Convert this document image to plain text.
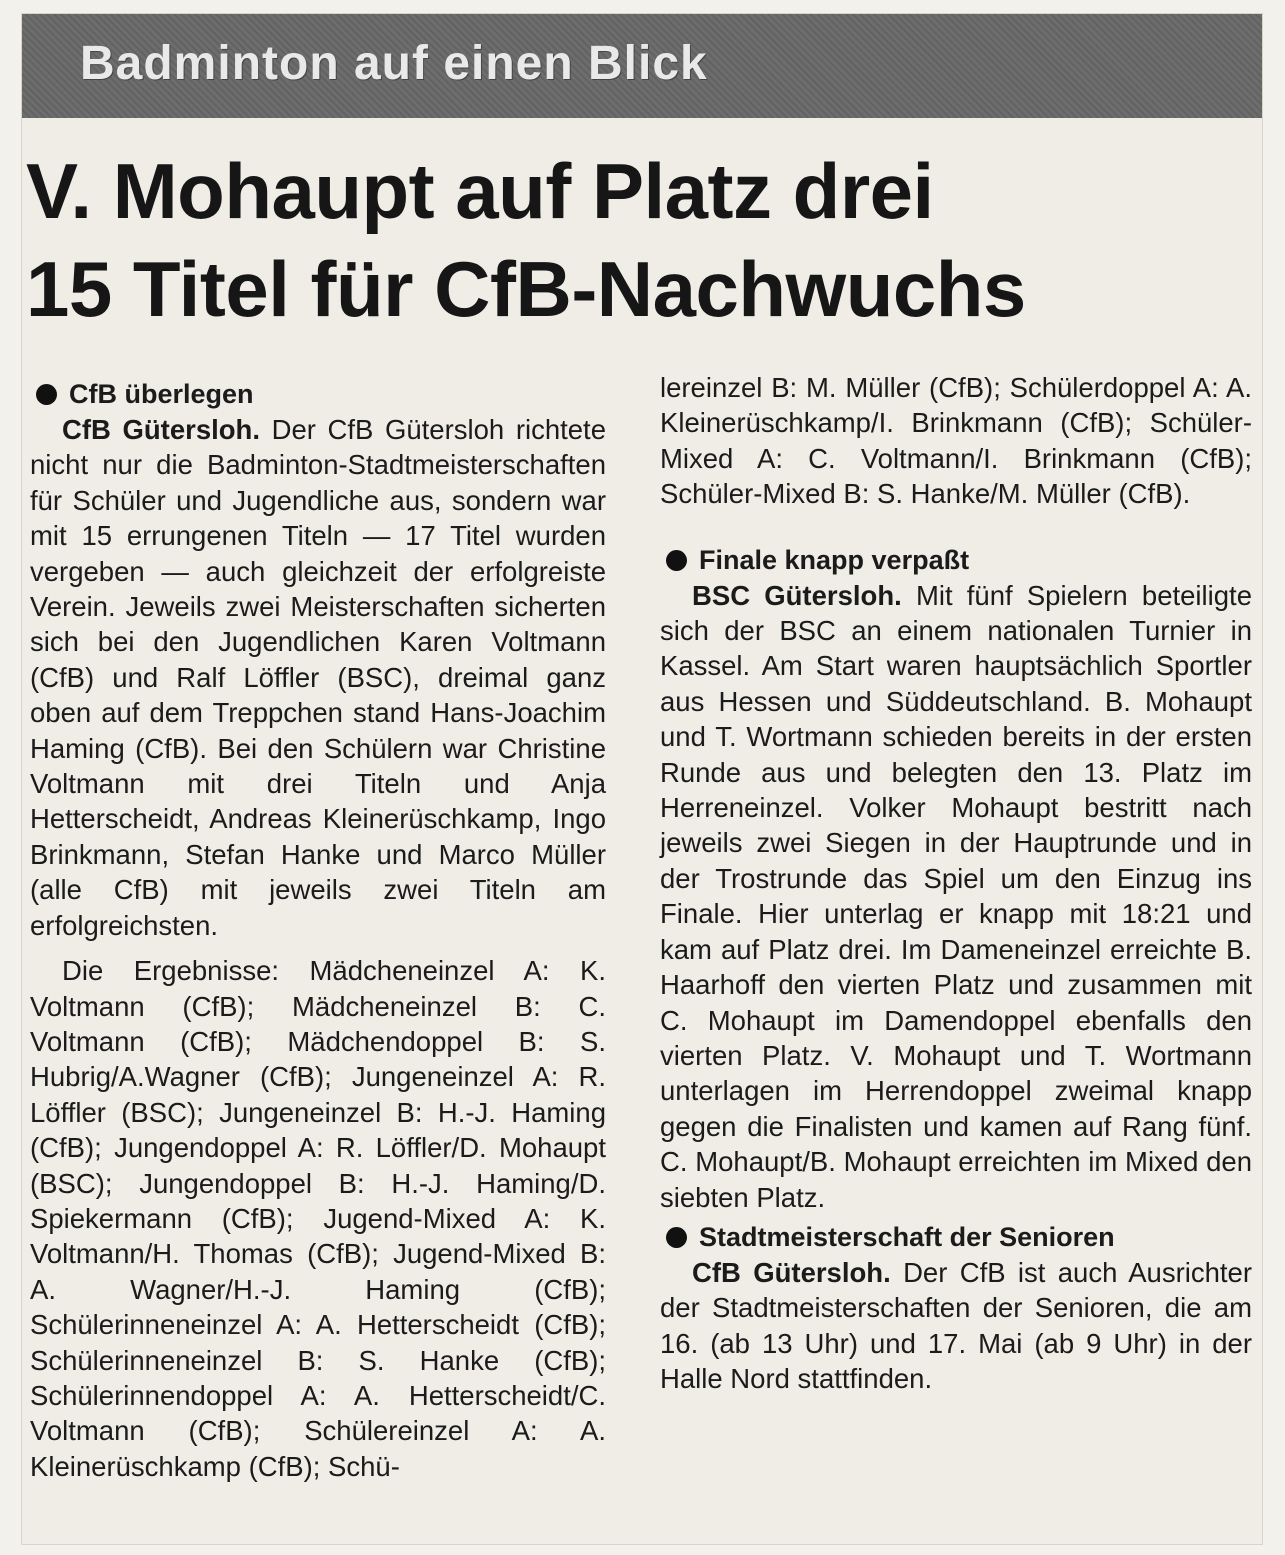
Badminton auf einen Blick
V. Mohaupt auf Platz drei
15 Titel für CfB-Nachwuchs
CfB überlegen

CfB Gütersloh. Der CfB Gütersloh richtete nicht nur die Badminton-Stadtmeisterschaften für Schüler und Jugendliche aus, sondern war mit 15 errungenen Titeln — 17 Titel wurden vergeben — auch gleichzeit der erfolgreiste Verein. Jeweils zwei Meisterschaften sicherten sich bei den Jugendlichen Karen Voltmann (CfB) und Ralf Löffler (BSC), dreimal ganz oben auf dem Treppchen stand Hans-Joachim Haming (CfB). Bei den Schülern war Christine Voltmann mit drei Titeln und Anja Hetterscheidt, Andreas Kleinerüschkamp, Ingo Brinkmann, Stefan Hanke und Marco Müller (alle CfB) mit jeweils zwei Titeln am erfolgreichsten.

Die Ergebnisse: Mädcheneinzel A: K. Voltmann (CfB); Mädcheneinzel B: C. Voltmann (CfB); Mädchendoppel B: S. Hubrig/A.Wagner (CfB); Jungeneinzel A: R. Löffler (BSC); Jungeneinzel B: H.-J. Haming (CfB); Jungendoppel A: R. Löffler/D. Mohaupt (BSC); Jungendoppel B: H.-J. Haming/D. Spiekermann (CfB); Jugend-Mixed A: K. Voltmann/H. Thomas (CfB); Jugend-Mixed B: A. Wagner/H.-J. Haming (CfB); Schülerinneneinzel A: A. Hetterscheidt (CfB); Schülerinneneinzel B: S. Hanke (CfB); Schülerinnendoppel A: A. Hetterscheidt/C. Voltmann (CfB); Schülereinzel A: A. Kleinerüschkamp (CfB); Schü-

lereinzel B: M. Müller (CfB); Schülerdoppel A: A. Kleinerüschkamp/I. Brinkmann (CfB); Schüler-Mixed A: C. Voltmann/I. Brinkmann (CfB); Schüler-Mixed B: S. Hanke/M. Müller (CfB).

Finale knapp verpaßt

BSC Gütersloh. Mit fünf Spielern beteiligte sich der BSC an einem nationalen Turnier in Kassel. Am Start waren hauptsächlich Sportler aus Hessen und Süddeutschland. B. Mohaupt und T. Wortmann schieden bereits in der ersten Runde aus und belegten den 13. Platz im Herreneinzel. Volker Mohaupt bestritt nach jeweils zwei Siegen in der Hauptrunde und in der Trostrunde das Spiel um den Einzug ins Finale. Hier unterlag er knapp mit 18:21 und kam auf Platz drei. Im Dameneinzel erreichte B. Haarhoff den vierten Platz und zusammen mit C. Mohaupt im Damendoppel ebenfalls den vierten Platz. V. Mohaupt und T. Wortmann unterlagen im Herrendoppel zweimal knapp gegen die Finalisten und kamen auf Rang fünf. C. Mohaupt/B. Mohaupt erreichten im Mixed den siebten Platz.

Stadtmeisterschaft der Senioren

CfB Gütersloh. Der CfB ist auch Ausrichter der Stadtmeisterschaften der Senioren, die am 16. (ab 13 Uhr) und 17. Mai (ab 9 Uhr) in der Halle Nord stattfinden.
